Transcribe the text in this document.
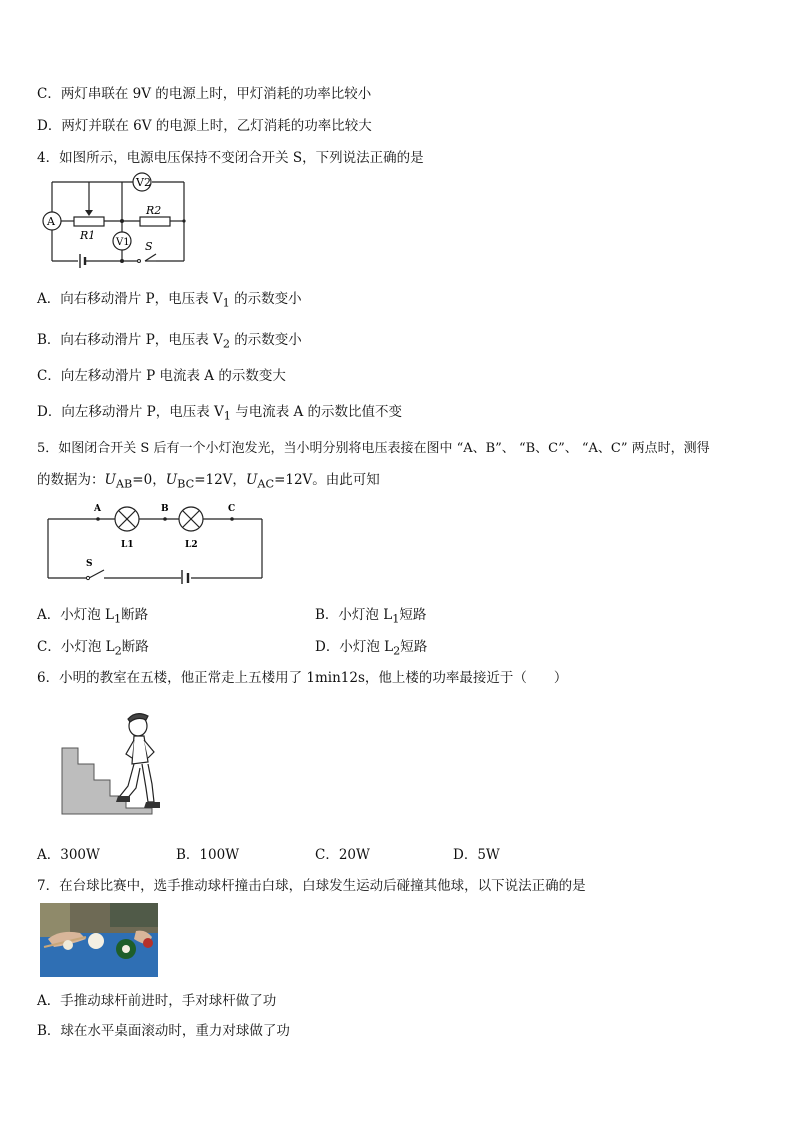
C．两灯串联在 9V 的电源上时，甲灯消耗的功率比较小
D．两灯并联在 6V 的电源上时，乙灯消耗的功率比较大
4．如图所示，电源电压保持不变闭合开关 S，下列说法正确的是
V2
A
R2
R1
V1 S
A．向右移动滑片 P，电压表 $V_1$ 的示数变小
B．向右移动滑片 P，电压表 $V_2$ 的示数变小
C．向左移动滑片 P 电流表 A 的示数变大
D．向左移动滑片 P，电压表 $V_1$ 与电流表 A 的示数比值不变
5．如图闭合开关 S 后有一个小灯泡发光，当小明分别将电压表接在图中 “A、B”、 “B、C”、 “A、C” 两点时，测得
的数据为：$U_{AB}=0$，$U_{BC}=12V$，$U_{AC}=12V$。由此可知
A	B	C
L1	L2
S
A．小灯泡 $L_1$断路	B．小灯泡 $L_1$短路
C．小灯泡 $L_2$断路	D．小灯泡 $L_2$短路
6．小明的教室在五楼，他正常走上五楼用了 1min12s，他上楼的功率最接近于（　　）
A．300W	B．100W	C．20W	D．5W
7．在台球比赛中，选手推动球杆撞击白球，白球发生运动后碰撞其他球，以下说法正确的是
A．手推动球杆前进时，手对球杆做了功
B．球在水平桌面滚动时，重力对球做了功
